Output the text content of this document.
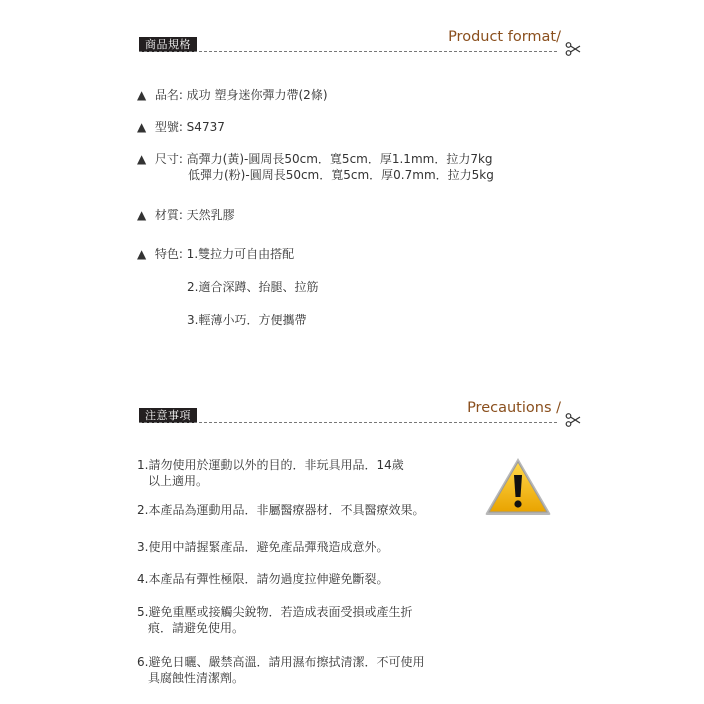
商品規格	Product format/
▲ 品名: 成功 塑身迷你彈力帶(2條)
▲ 型號: S4737
▲ 尺寸: 高彈力(黃)-圓周長50cm．寬5cm．厚1.1mm．拉力7kg
低彈力(粉)-圓周長50cm．寬5cm．厚0.7mm．拉力5kg
▲ 材質: 天然乳膠
▲ 特色: 1.雙拉力可自由搭配
2.適合深蹲、抬腿、拉筋
3.輕薄小巧．方便攜帶
注意事項	Precautions /
1.請勿使用於運動以外的目的．非玩具用品．14歲
以上適用。
2.本產品為運動用品．非屬醫療器材．不具醫療效果。
3.使用中請握緊產品．避免產品彈飛造成意外。
4.本產品有彈性極限．請勿過度拉伸避免斷裂。
5.避免重壓或接觸尖銳物．若造成表面受損或產生折
痕．請避免使用。
6.避免日曬、嚴禁高溫．請用濕布擦拭清潔．不可使用
具腐蝕性清潔劑。
